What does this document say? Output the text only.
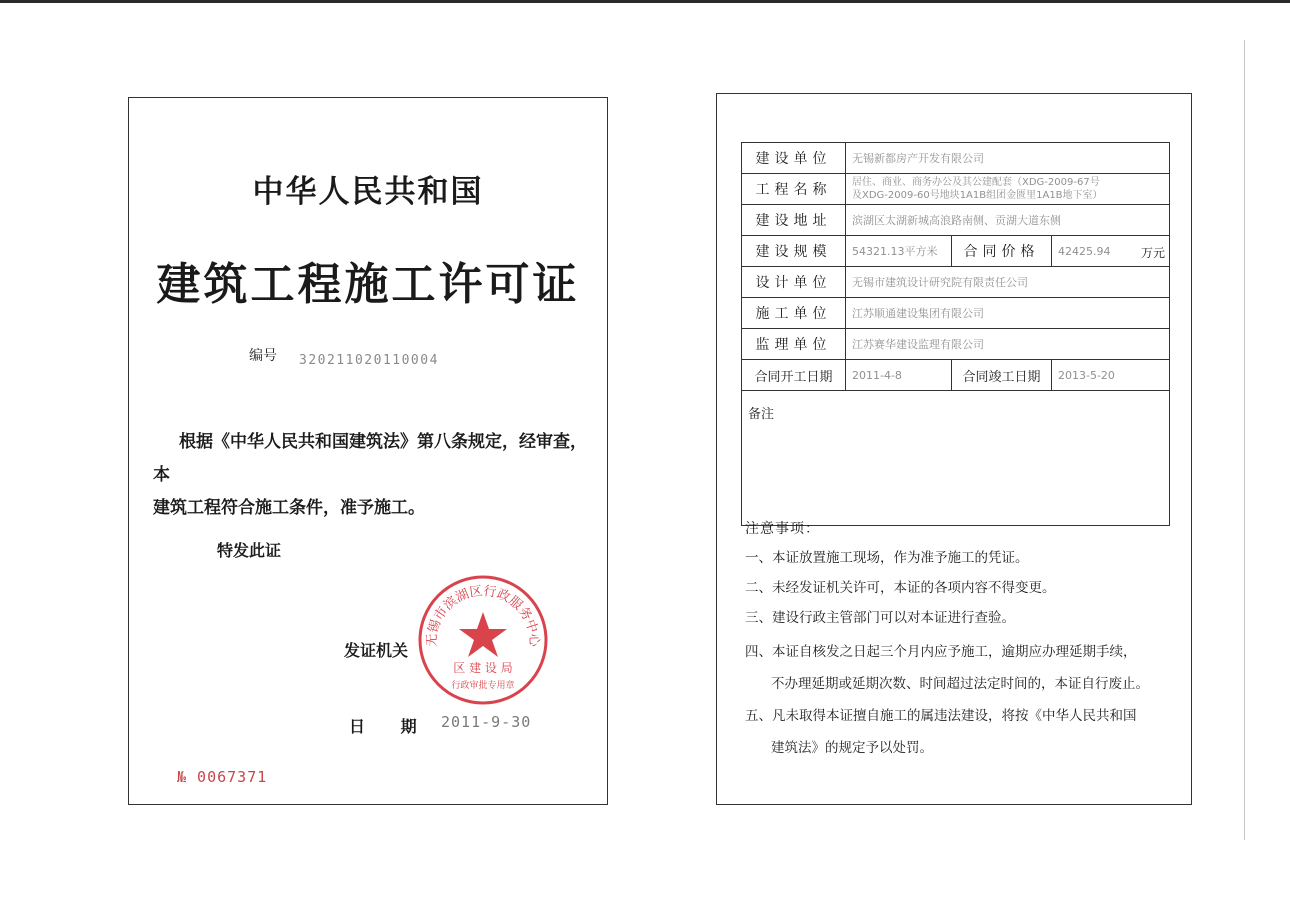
中华人民共和国
建筑工程施工许可证
编号 320211020110004
根据《中华人民共和国建筑法》第八条规定，经审查，本
建筑工程符合施工条件，准予施工。
特发此证
发证机关
无锡市滨湖区行政服务中心
区 建 设 局
行政审批专用章
日 期 2011-9-30
№ 0067371
建设单位	无锡新都房产开发有限公司		
工程名称	居住、商业、商务办公及其公建配套（XDG-2009-67号
及XDG-2009-60号地块1A1B组团金匮里1A1B地下室）		

建设地址	滨湖区太湖新城高浪路南侧、贡湖大道东侧		
建设规模	54321.13平方米	合同价格	42425.94 万元

设计单位	无锡市建筑设计研究院有限责任公司		
施工单位	江苏顺通建设集团有限公司		
监理单位	江苏赛华建设监理有限公司		
合同开工日期	2011-4-8	合同竣工日期	2013-5-20
备注			
注意事项：
一、本证放置施工现场，作为准予施工的凭证。
二、未经发证机关许可，本证的各项内容不得变更。
三、建设行政主管部门可以对本证进行查验。
四、本证自核发之日起三个月内应予施工，逾期应办理延期手续，
不办理延期或延期次数、时间超过法定时间的，本证自行废止。
五、凡未取得本证擅自施工的属违法建设，将按《中华人民共和国
建筑法》的规定予以处罚。
